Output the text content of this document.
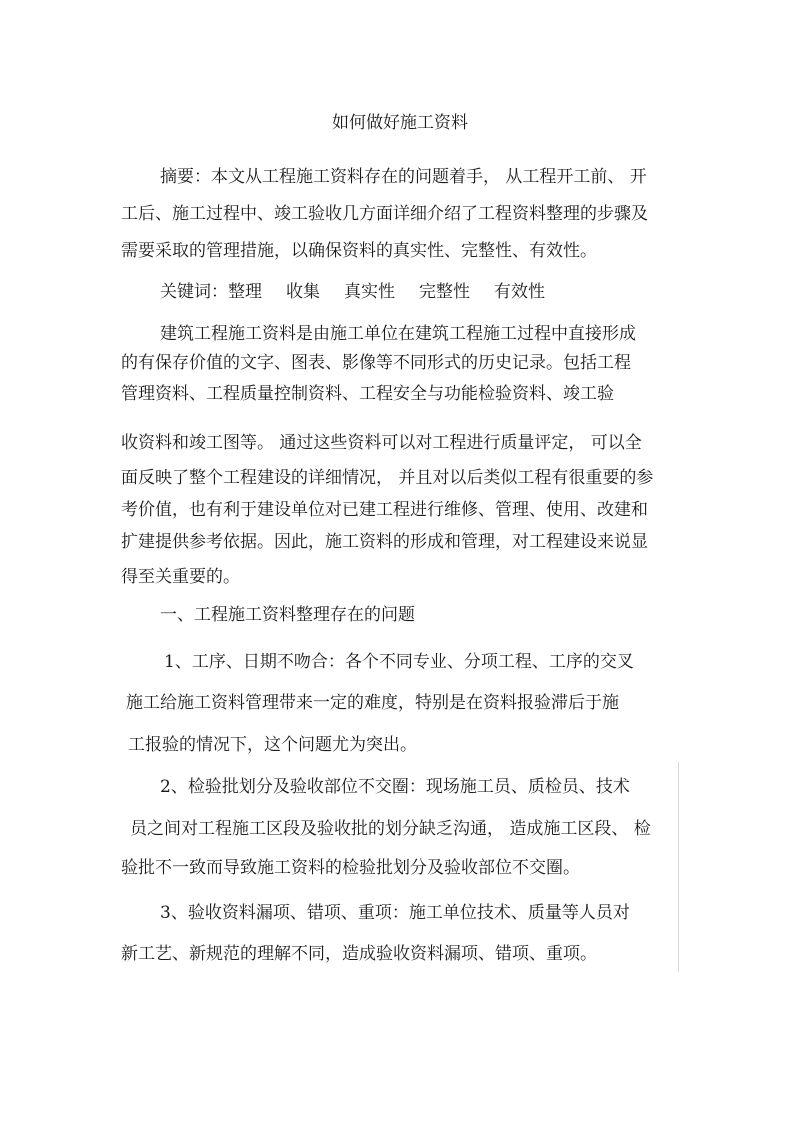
如何做好施工资料
摘要：本文从工程施工资料存在的问题着手， 从工程开工前、 开
工后、施工过程中、竣工验收几方面详细介绍了工程资料整理的步骤及
需要采取的管理措施，以确保资料的真实性、完整性、有效性。
关键词：整理 收集 真实性 完整性 有效性
建筑工程施工资料是由施工单位在建筑工程施工过程中直接形成
的有保存价值的文字、图表、影像等不同形式的历史记录。包括工程
管理资料、工程质量控制资料、工程安全与功能检验资料、竣工验
收资料和竣工图等。 通过这些资料可以对工程进行质量评定， 可以全
面反映了整个工程建设的详细情况， 并且对以后类似工程有很重要的参
考价值，也有利于建设单位对已建工程进行维修、管理、使用、改建和
扩建提供参考依据。因此，施工资料的形成和管理，对工程建设来说显
得至关重要的。
一、工程施工资料整理存在的问题
1、工序、日期不吻合：各个不同专业、分项工程、工序的交叉
施工给施工资料管理带来一定的难度，特别是在资料报验滞后于施
工报验的情况下，这个问题尤为突出。
2、检验批划分及验收部位不交圈：现场施工员、质检员、技术
员之间对工程施工区段及验收批的划分缺乏沟通， 造成施工区段、 检
验批不一致而导致施工资料的检验批划分及验收部位不交圈。
3、验收资料漏项、错项、重项：施工单位技术、质量等人员对
新工艺、新规范的理解不同，造成验收资料漏项、错项、重项。
